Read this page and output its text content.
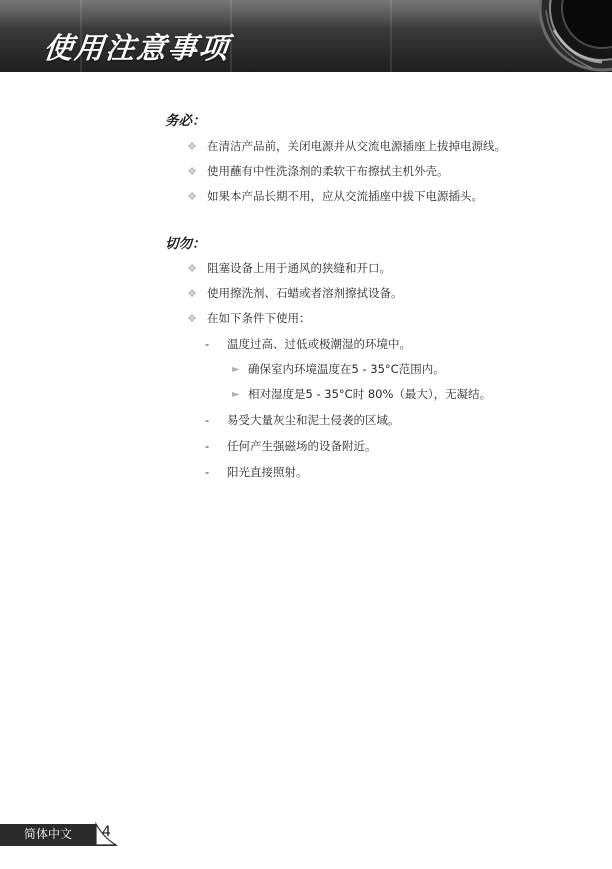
使用注意事项
务必：
❖ 在清洁产品前，关闭电源并从交流电源插座上拔掉电源线。
❖ 使用蘸有中性洗涤剂的柔软干布擦拭主机外壳。
❖ 如果本产品长期不用，应从交流插座中拔下电源插头。
切勿：
❖ 阻塞设备上用于通风的狭缝和开口。
❖ 使用擦洗剂、石蜡或者溶剂擦拭设备。
❖ 在如下条件下使用：
-	温度过高、过低或极潮湿的环境中。
► 确保室内环境温度在5 - 35°C范围内。
► 相对湿度是5 - 35°C时 80%（最大），无凝结。
-	易受大量灰尘和泥土侵袭的区域。
-	任何产生强磁场的设备附近。
-	阳光直接照射。
简体中文	4
